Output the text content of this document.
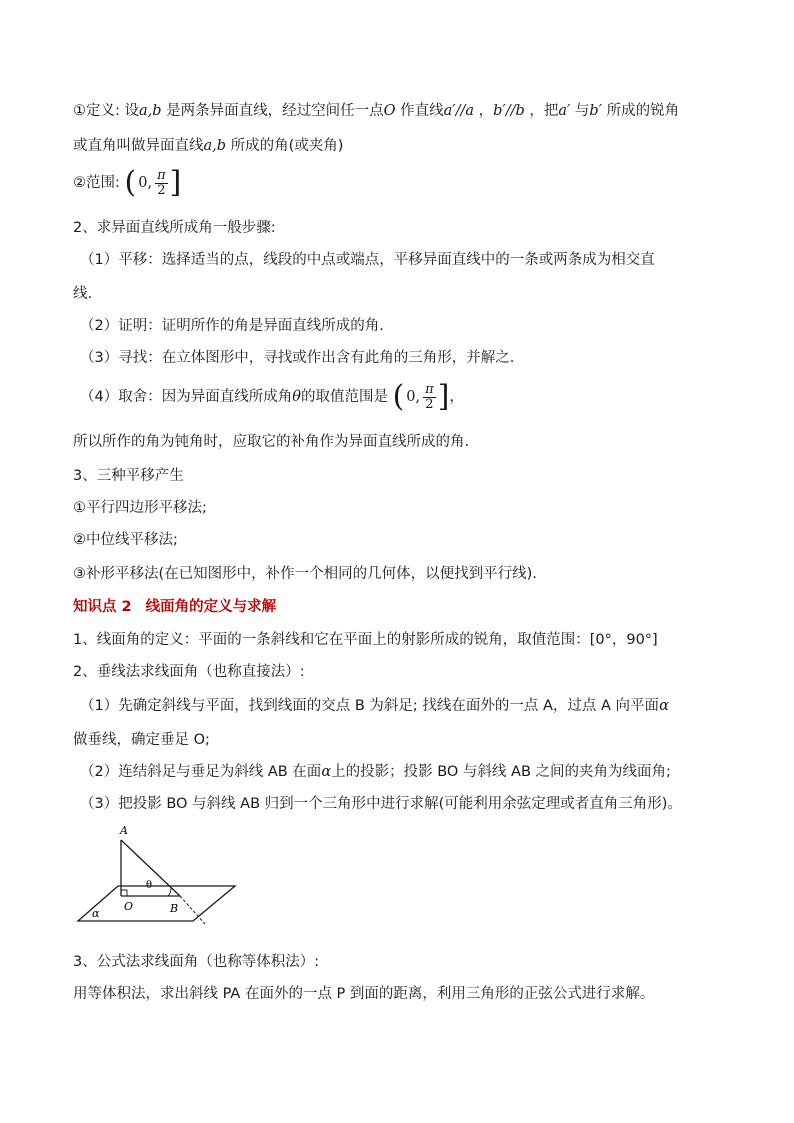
①定义: 设a,b 是两条异面直线，经过空间任一点O 作直线a′//a ，b′//b ，把a′ 与b′ 所成的锐角
或直角叫做异面直线a,b 所成的角(或夹角)
②范围: ( 0, $\frac{\pi}{2}$ ]
2、求异面直线所成角一般步骤:
（1）平移：选择适当的点，线段的中点或端点，平移异面直线中的一条或两条成为相交直
线.
（2）证明：证明所作的角是异面直线所成的角.
（3）寻找：在立体图形中，寻找或作出含有此角的三角形，并解之.
（4）取舍：因为异面直线所成角θ的取值范围是 ( 0, $\frac{\pi}{2}$ ] ，
所以所作的角为钝角时，应取它的补角作为异面直线所成的角.
3、三种平移产生
①平行四边形平移法;
②中位线平移法;
③补形平移法(在已知图形中，补作一个相同的几何体，以便找到平行线).
知识点 2 线面角的定义与求解
1、线面角的定义：平面的一条斜线和它在平面上的射影所成的锐角，取值范围：[0°，90°]
2、垂线法求线面角（也称直接法）:
（1）先确定斜线与平面，找到线面的交点 B 为斜足; 找线在面外的一点 A，过点 A 向平面α
做垂线，确定垂足 O;
（2）连结斜足与垂足为斜线 AB 在面α上的投影；投影 BO 与斜线 AB 之间的夹角为线面角;
（3）把投影 BO 与斜线 AB 归到一个三角形中进行求解(可能利用余弦定理或者直角三角形)。
A
θ
O	B
α
3、公式法求线面角（也称等体积法）:
用等体积法，求出斜线 PA 在面外的一点 P 到面的距离，利用三角形的正弦公式进行求解。
